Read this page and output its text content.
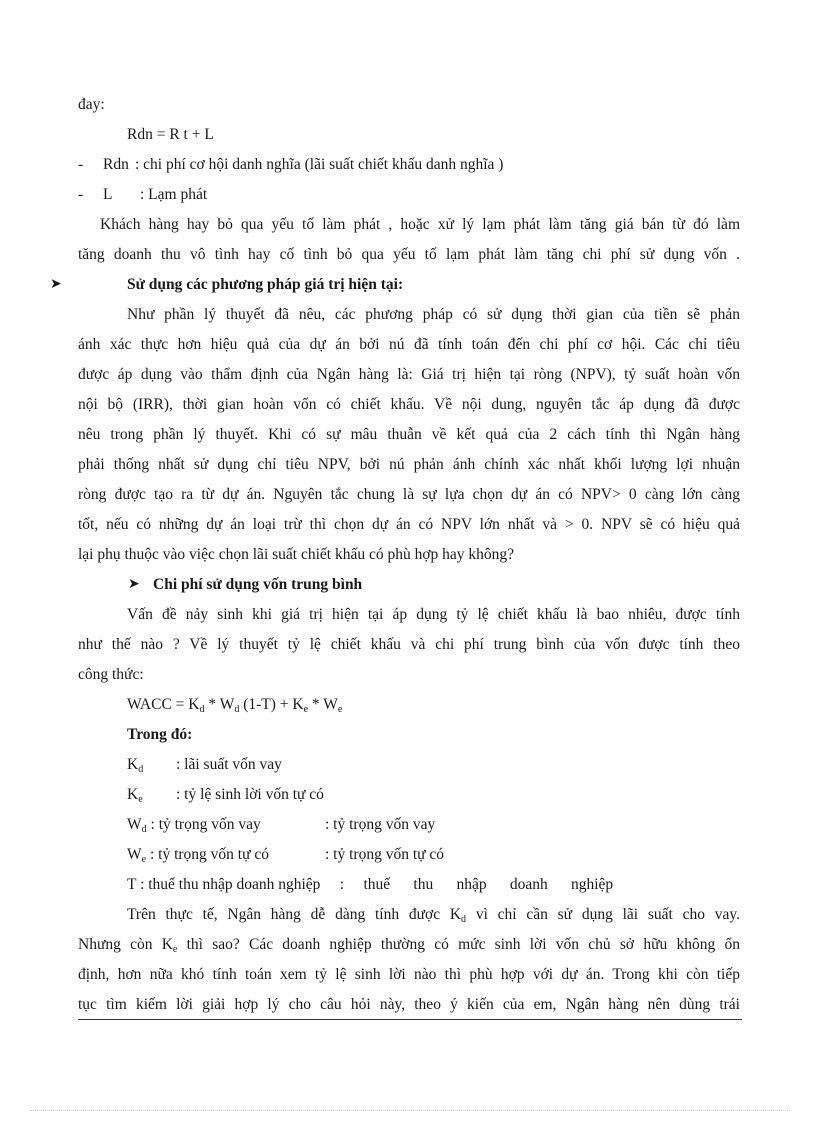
đay:
Rdn = R t + L
- Rdn : chi phí cơ hội danh nghĩa (lãi suất chiết khấu danh nghĩa )
- L : Lạm phát
Khách hàng hay bỏ qua yếu tố làm phát , hoặc xử lý lạm phát làm tăng giá bán từ đó làm
tăng doanh thu vô tình hay cố tình bỏ qua yếu tố lạm phát làm tăng chi phí sử dụng vốn .
➤	Sử dụng các phương pháp giá trị hiện tại:
Như phần lý thuyết đã nêu, các phương pháp có sử dụng thời gian của tiền sẽ phản
ánh xác thực hơn hiệu quả của dự án bởi nú đã tính toán đến chi phí cơ hội. Các chỉ tiêu
được áp dụng vào thẩm định của Ngân hàng là: Giá trị hiện tại ròng (NPV), tỷ suất hoàn vốn
nội bộ (IRR), thời gian hoàn vốn có chiết khấu. Về nội dung, nguyên tắc áp dụng đã được
nêu trong phần lý thuyết. Khi có sự mâu thuẫn về kết quả của 2 cách tính thì Ngân hàng
phải thống nhất sử dụng chỉ tiêu NPV, bởi nú phản ánh chính xác nhất khối lượng lợi nhuận
ròng được tạo ra từ dự án. Nguyên tắc chung là sự lựa chọn dự án có NPV> 0 càng lớn càng
tốt, nếu có những dự án loại trừ thì chọn dự án có NPV lớn nhất và > 0. NPV sẽ có hiệu quả
lại phụ thuộc vào việc chọn lãi suất chiết khấu có phù hợp hay không?
➤ Chi phí sử dụng vốn trung bình
Vấn đề nảy sinh khi giá trị hiện tại áp dụng tỷ lệ chiết khấu là bao nhiêu, được tính
như thế nào ? Về lý thuyết tỷ lệ chiết khấu và chi phí trung bình của vốn được tính theo
công thức:
WACC = $K_d * W_d$ $(1-T) + K_e * W_e$
Trong đó:
$K_d$ : lãi suất vốn vay
$K_e$ : tỷ lệ sinh lời vốn tự có
$W_d$ : tỷ trọng vốn vay	: tỷ trọng vốn vay
$W_e$ : tỷ trọng vốn tự có	: tỷ trọng vốn tự có
T : thuế thu nhập doanh nghiệp     :     thuế      thu      nhập      doanh      nghiệp
Trên thực tế, Ngân hàng dễ dàng tính được $K_d$ vì chỉ cần sử dụng lãi suất cho vay.
Nhưng còn $K_e$ thì sao? Các doanh nghiệp thường có mức sinh lời vốn chủ sở hữu không ổn
định, hơn nữa khó tính toán xem tỷ lệ sinh lời nào thì phù hợp với dự án. Trong khi còn tiếp
tục tìm kiếm lời giải hợp lý cho câu hỏi này, theo ý kiến của em, Ngân hàng nên dùng trái
